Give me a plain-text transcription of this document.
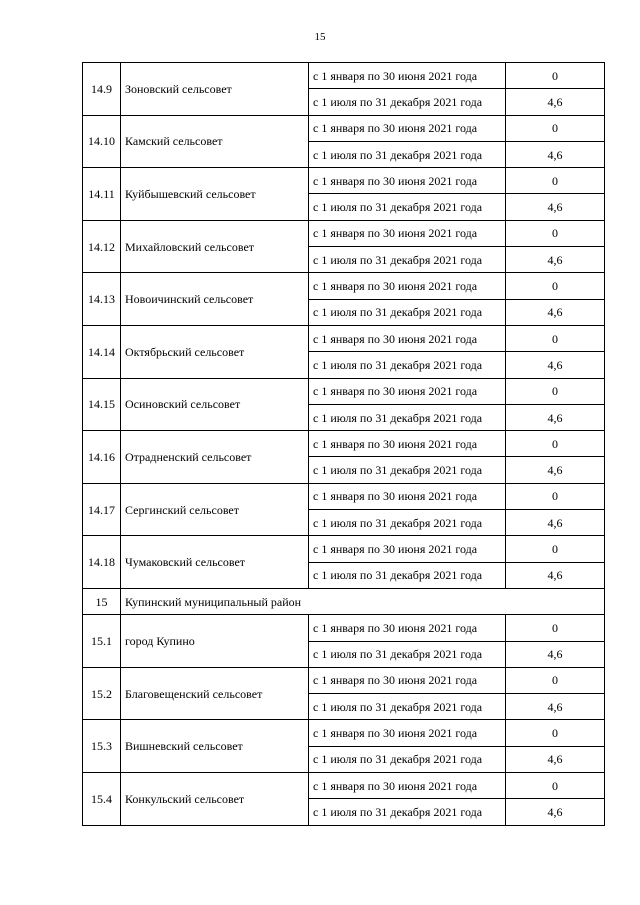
15
14.9	Зоновский сельсовет	с 1 января по 30 июня 2021 года	0
		с 1 июля по 31 декабря 2021 года	4,6
14.10	Камский сельсовет	с 1 января по 30 июня 2021 года	0
		с 1 июля по 31 декабря 2021 года	4,6
14.11	Куйбышевский сельсовет	с 1 января по 30 июня 2021 года	0
		с 1 июля по 31 декабря 2021 года	4,6
14.12	Михайловский сельсовет	с 1 января по 30 июня 2021 года	0
		с 1 июля по 31 декабря 2021 года	4,6
14.13	Новоичинский сельсовет	с 1 января по 30 июня 2021 года	0
		с 1 июля по 31 декабря 2021 года	4,6
14.14	Октябрьский сельсовет	с 1 января по 30 июня 2021 года	0
		с 1 июля по 31 декабря 2021 года	4,6
14.15	Осиновский сельсовет	с 1 января по 30 июня 2021 года	0
		с 1 июля по 31 декабря 2021 года	4,6
14.16	Отрадненский сельсовет	с 1 января по 30 июня 2021 года	0
		с 1 июля по 31 декабря 2021 года	4,6
14.17	Сергинский сельсовет	с 1 января по 30 июня 2021 года	0
		с 1 июля по 31 декабря 2021 года	4,6
14.18	Чумаковский сельсовет	с 1 января по 30 июня 2021 года	0
		с 1 июля по 31 декабря 2021 года	4,6
15	Купинский муниципальный район		
15.1	город Купино	с 1 января по 30 июня 2021 года	0
		с 1 июля по 31 декабря 2021 года	4,6
15.2	Благовещенский сельсовет	с 1 января по 30 июня 2021 года	0
		с 1 июля по 31 декабря 2021 года	4,6
15.3	Вишневский сельсовет	с 1 января по 30 июня 2021 года	0
		с 1 июля по 31 декабря 2021 года	4,6
15.4	Конкульский сельсовет	с 1 января по 30 июня 2021 года	0
		с 1 июля по 31 декабря 2021 года	4,6
